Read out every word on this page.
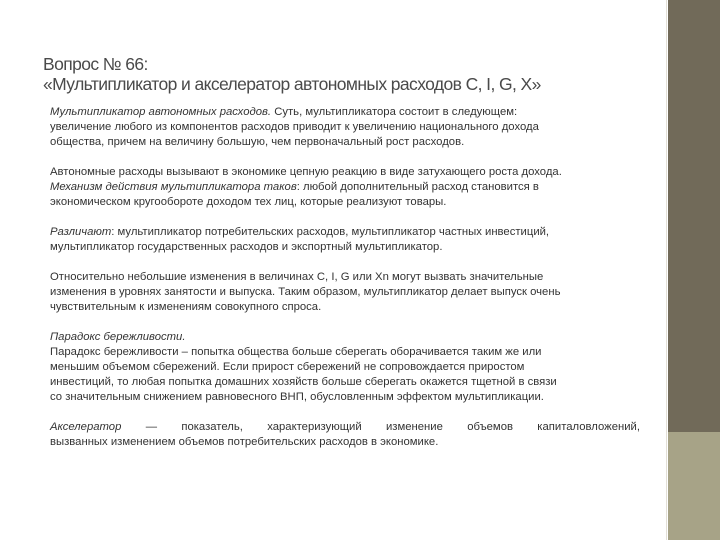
Вопрос № 66:
«Мультипликатор и акселератор автономных расходов C, I, G, X»

Мультипликатор автономных расходов. Суть, мультипликатора состоит в следующем:
увеличение любого из компонентов расходов приводит к увеличению национального дохода
общества, причем на величину большую, чем первоначальный рост расходов.

Автономные расходы вызывают в экономике цепную реакцию в виде затухающего роста дохода.
Механизм действия мультипликатора таков: любой дополнительный расход становится в
экономическом кругообороте доходом тех лиц, которые реализуют товары.

Различают: мультипликатор потребительских расходов, мультипликатор частных инвестиций,
мультипликатор государственных расходов и экспортный мультипликатор.

Относительно небольшие изменения в величинах С, I, G или Xn могут вызвать значительные
изменения в уровнях занятости и выпуска. Таким образом, мультипликатор делает выпуск очень
чувствительным к изменениям совокупного спроса.

Парадокс бережливости.
Парадокс бережливости – попытка общества больше сберегать оборачивается таким же или
меньшим объемом сбережений. Если прирост сбережений не сопровождается приростом
инвестиций, то любая попытка домашних хозяйств больше сберегать окажется тщетной в связи
со значительным снижением равновесного ВНП, обусловленным эффектом мультипликации.

Акселератор — показатель, характеризующий изменение объемов капиталовложений,
вызванных изменением объемов потребительских расходов в экономике.
